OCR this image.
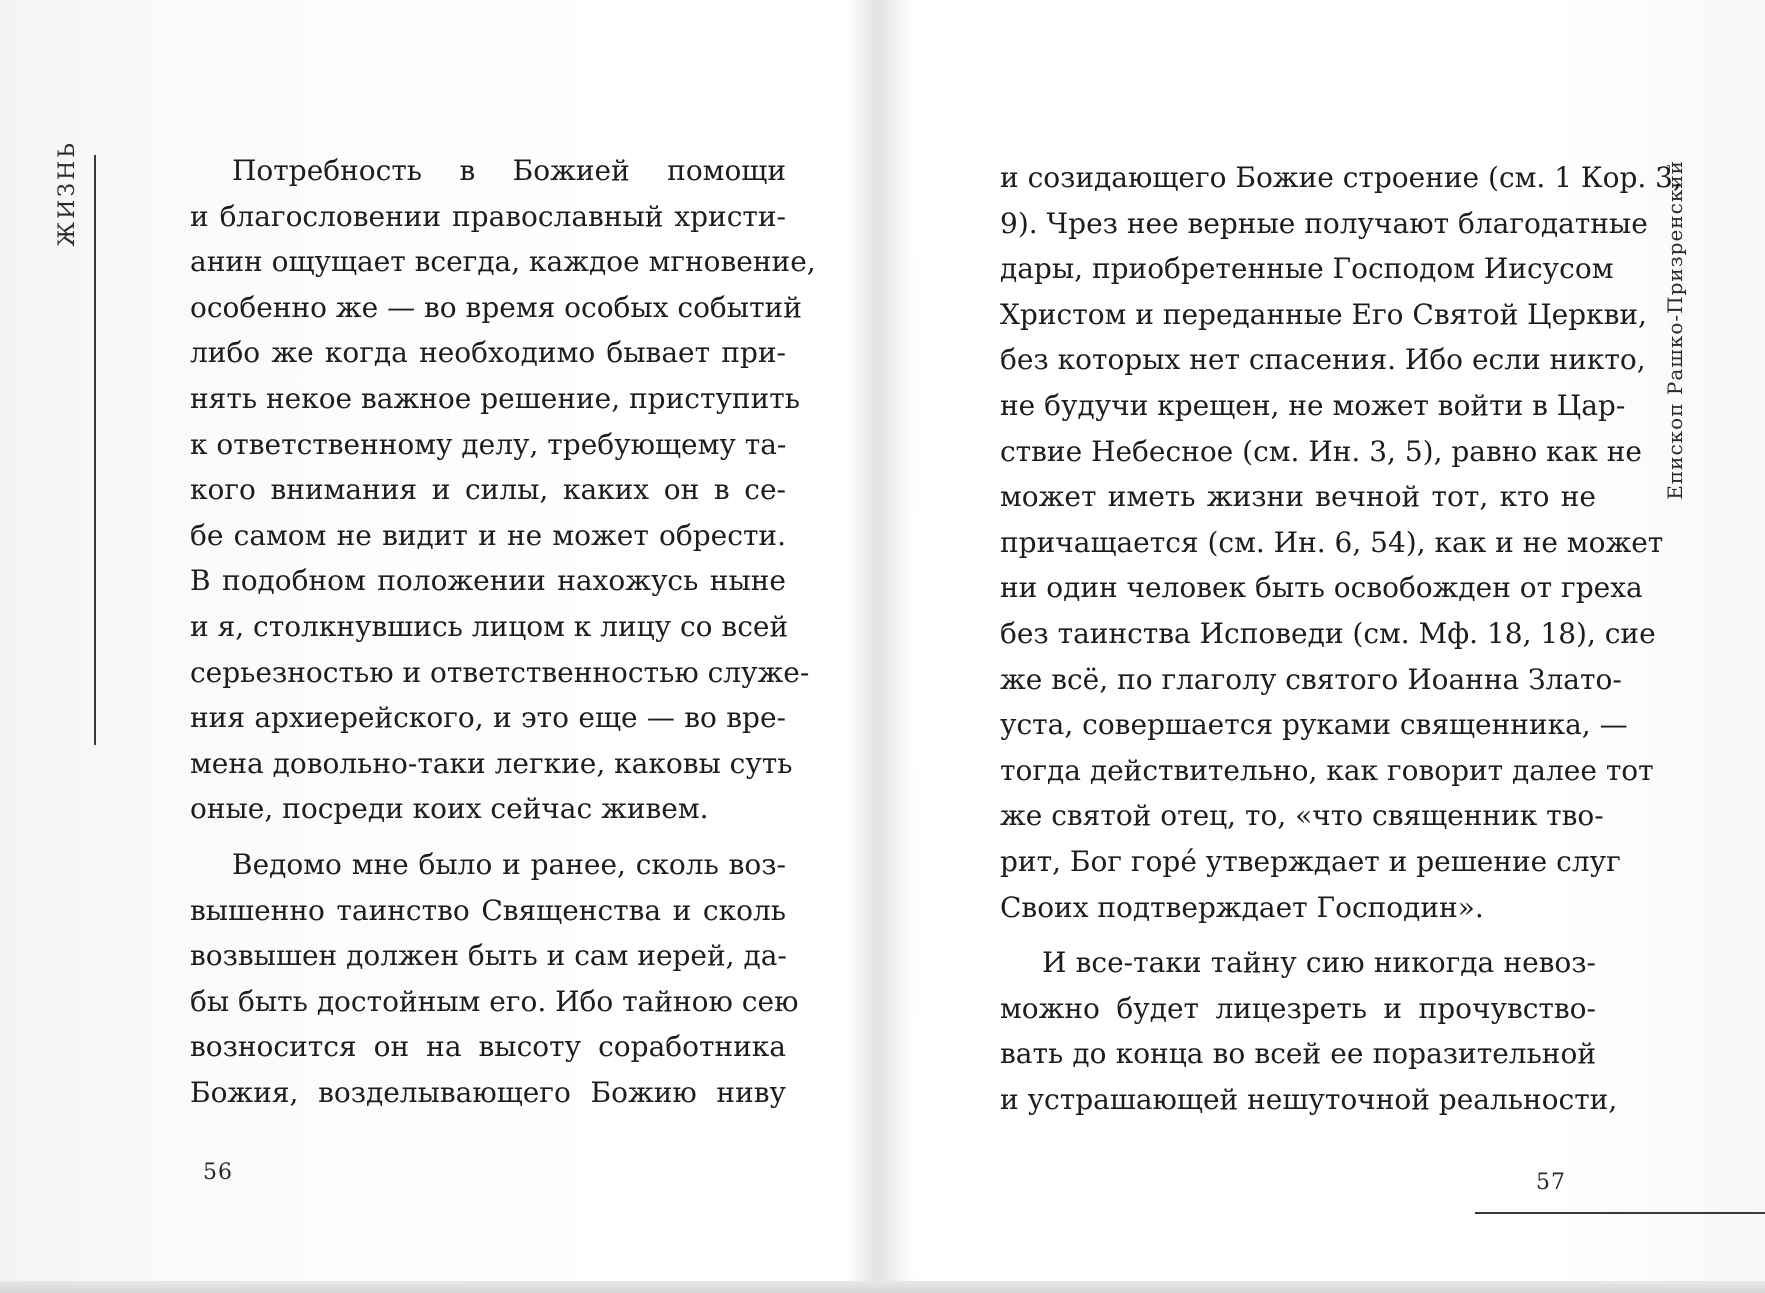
ЖИЗНЬ	Потребность в Божией помощи
и благословении православный христи-
анин ощущает всегда, каждое мгновение,
особенно же — во время особых событий
либо же когда необходимо бывает при-
нять некое важное решение, приступить
к ответственному делу, требующему та-
кого внимания и силы, каких он в се-
бе самом не видит и не может обрести.
В подобном положении нахожусь ныне
и я, столкнувшись лицом к лицу со всей
серьезностью и ответственностью служе-
ния архиерейского, и это еще — во вре-
мена довольно-таки легкие, каковы суть
оные, посреди коих сейчас живем.
Ведомо мне было и ранее, сколь воз-
вышенно таинство Священства и сколь
возвышен должен быть и сам иерей, да-
бы быть достойным его. Ибо тайною сею
возносится он на высоту соработника
Божия, возделывающего Божию ниву
56
Епископ Рашко-Призренский
и созидающего Божие строение (см. 1 Кор. 3,
9). Чрез нее верные получают благодатные
дары, приобретенные Господом Иисусом
Христом и переданные Его Святой Церкви,
без которых нет спасения. Ибо если никто,
не будучи крещен, не может войти в Цар-
ствие Небесное (см. Ин. 3, 5), равно как не
может иметь жизни вечной тот, кто не
причащается (см. Ин. 6, 54), как и не может
ни один человек быть освобожден от греха
без таинства Исповеди (см. Мф. 18, 18), сие
же всё, по глаголу святого Иоанна Злато-
уста, совершается руками священника, —
тогда действительно, как говорит далее тот
же святой отец, то, «что священник тво-
рит, Бог горе́ утверждает и решение слуг
Своих подтверждает Господин».
И все-таки тайну сию никогда невоз-
можно будет лицезреть и прочувство-
вать до конца во всей ее поразительной
и устрашающей нешуточной реальности,
57
